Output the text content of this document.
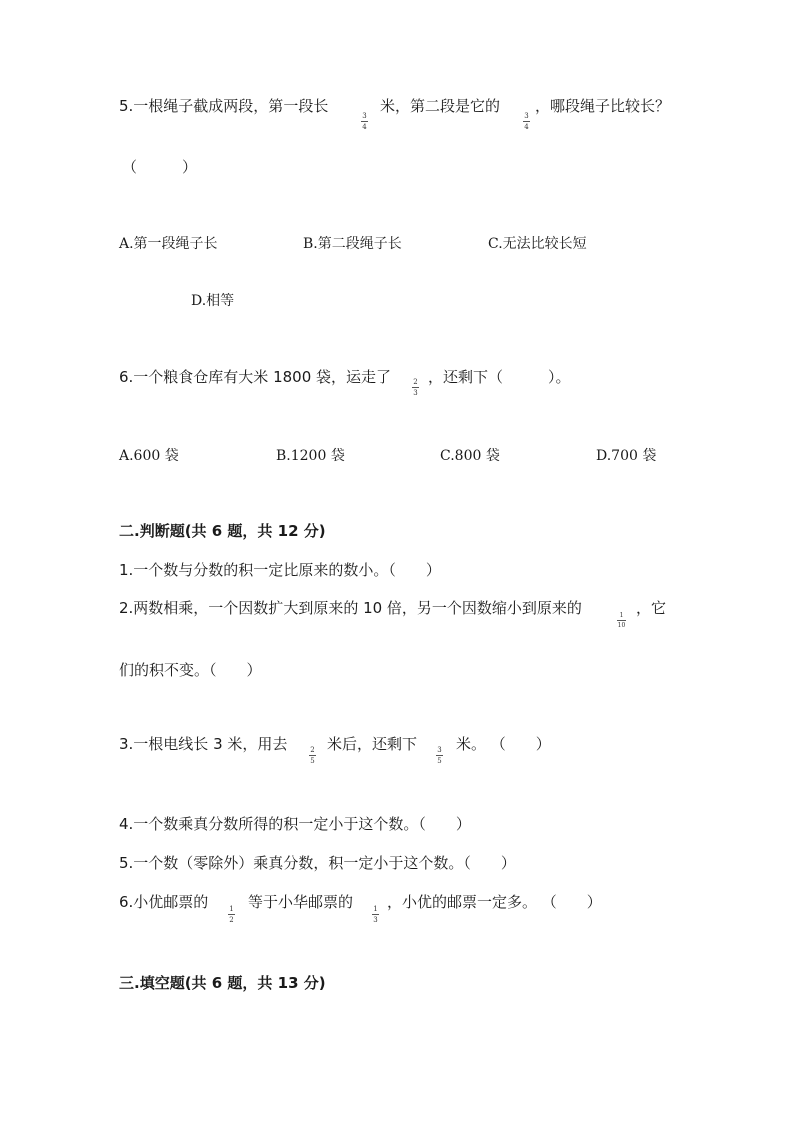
5.一根绳子截成两段，第一段长
3
4
米，第二段是它的
3
4
，哪段绳子比较长？
（　　　）
A.第一段绳子长	B.第二段绳子长	C.无法比较长短
D.相等
6.一个粮食仓库有大米 1800 袋，运走了	2
3
，还剩下（　　　）。
A.600 袋	B.1200 袋	C.800 袋	D.700 袋
二.判断题(共 6 题，共 12 分)
1.一个数与分数的积一定比原来的数小。（　　）
2.两数相乘，一个因数扩大到原来的 10 倍，另一个因数缩小到原来的	1
10
，它
们的积不变。（　　）
3.一根电线长 3 米，用去	2
5
米后，还剩下	3
5
米。 （　　）
4.一个数乘真分数所得的积一定小于这个数。（　　）
5.一个数（零除外）乘真分数，积一定小于这个数。（　　）
6.小优邮票的	1
2
等于小华邮票的	1
3
，小优的邮票一定多。 （　　）
三.填空题(共 6 题，共 13 分)
